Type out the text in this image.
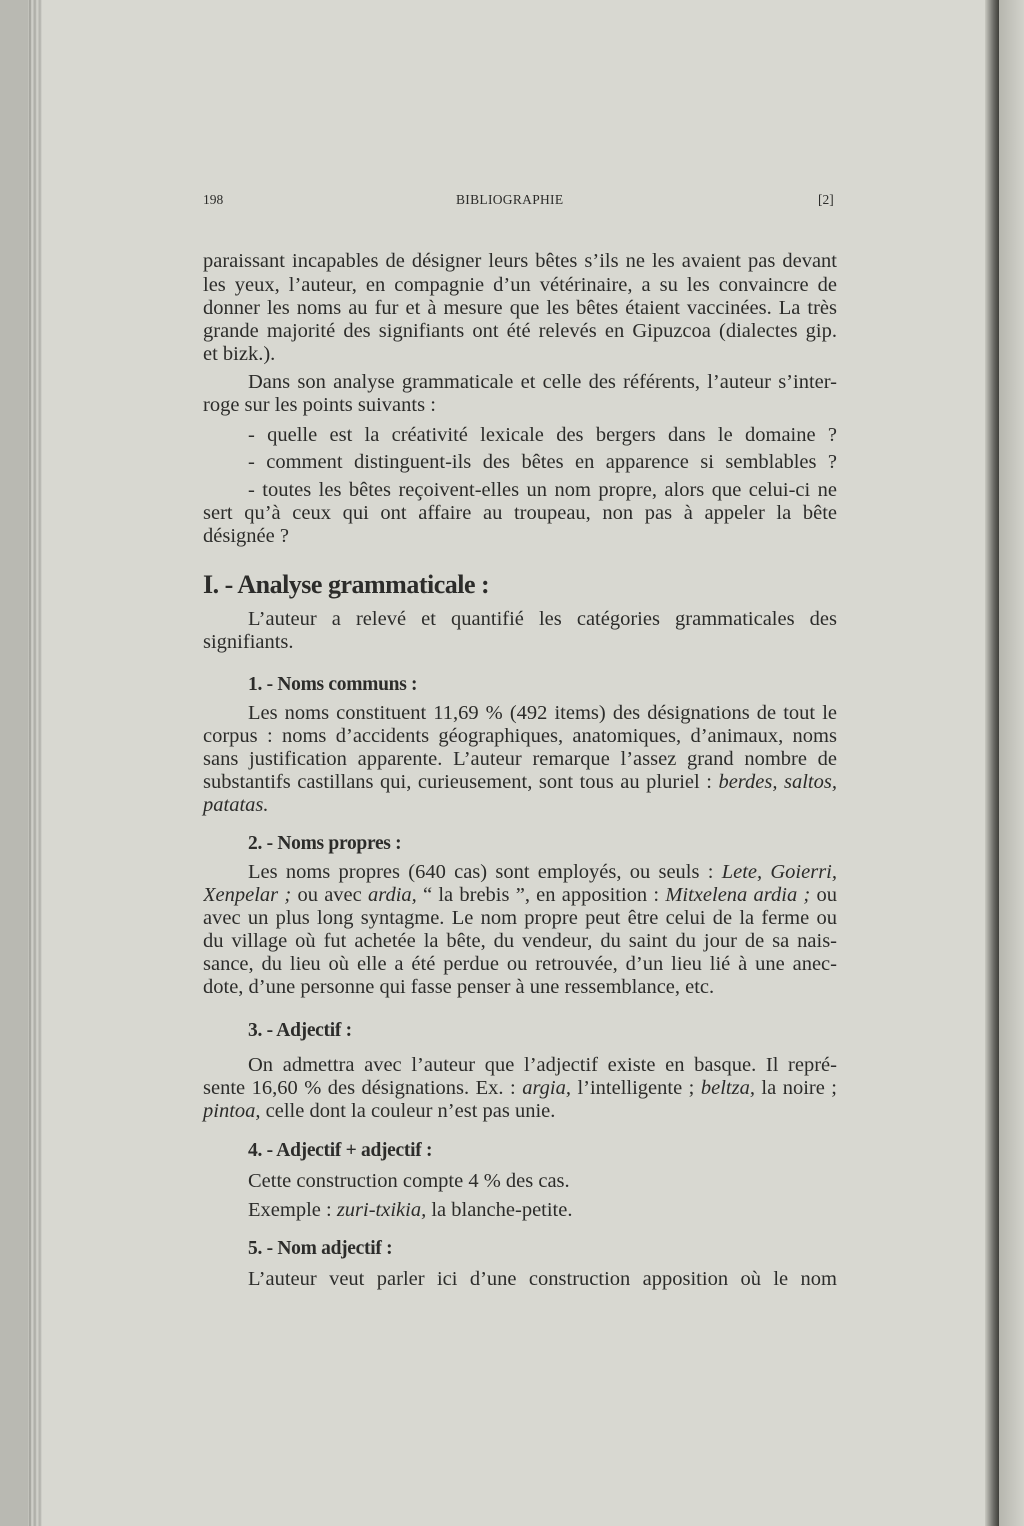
198	BIBLIOGRAPHIE	[2]
paraissant incapables de désigner leurs bêtes s’ils ne les avaient pas devant
les yeux, l’auteur, en compagnie d’un vétérinaire, a su les convaincre de
donner les noms au fur et à mesure que les bêtes étaient vaccinées. La très
grande majorité des signifiants ont été relevés en Gipuzcoa (dialectes gip.
et bizk.).
Dans son analyse grammaticale et celle des référents, l’auteur s’inter-
roge sur les points suivants :
- quelle est la créativité lexicale des bergers dans le domaine ?
- comment distinguent-ils des bêtes en apparence si semblables ?
- toutes les bêtes reçoivent-elles un nom propre, alors que celui-ci ne
sert qu’à ceux qui ont affaire au troupeau, non pas à appeler la bête
désignée ?
I. - Analyse grammaticale :
L’auteur a relevé et quantifié les catégories grammaticales des
signifiants.
1. - Noms communs :
Les noms constituent 11,69 % (492 items) des désignations de tout le
corpus : noms d’accidents géographiques, anatomiques, d’animaux, noms
sans justification apparente. L’auteur remarque l’assez grand nombre de
substantifs castillans qui, curieusement, sont tous au pluriel : berdes, saltos,
patatas.
2. - Noms propres :
Les noms propres (640 cas) sont employés, ou seuls : Lete, Goierri,
Xenpelar ; ou avec ardia, “ la brebis ”, en apposition : Mitxelena ardia ; ou
avec un plus long syntagme. Le nom propre peut être celui de la ferme ou
du village où fut achetée la bête, du vendeur, du saint du jour de sa nais-
sance, du lieu où elle a été perdue ou retrouvée, d’un lieu lié à une anec-
dote, d’une personne qui fasse penser à une ressemblance, etc.
3. - Adjectif :
On admettra avec l’auteur que l’adjectif existe en basque. Il repré-
sente 16,60 % des désignations. Ex. : argia, l’intelligente ; beltza, la noire ;
pintoa, celle dont la couleur n’est pas unie.
4. - Adjectif + adjectif :
Cette construction compte 4 % des cas.
Exemple : zuri-txikia, la blanche-petite.
5. - Nom adjectif :
L’auteur veut parler ici d’une construction apposition où le nom
